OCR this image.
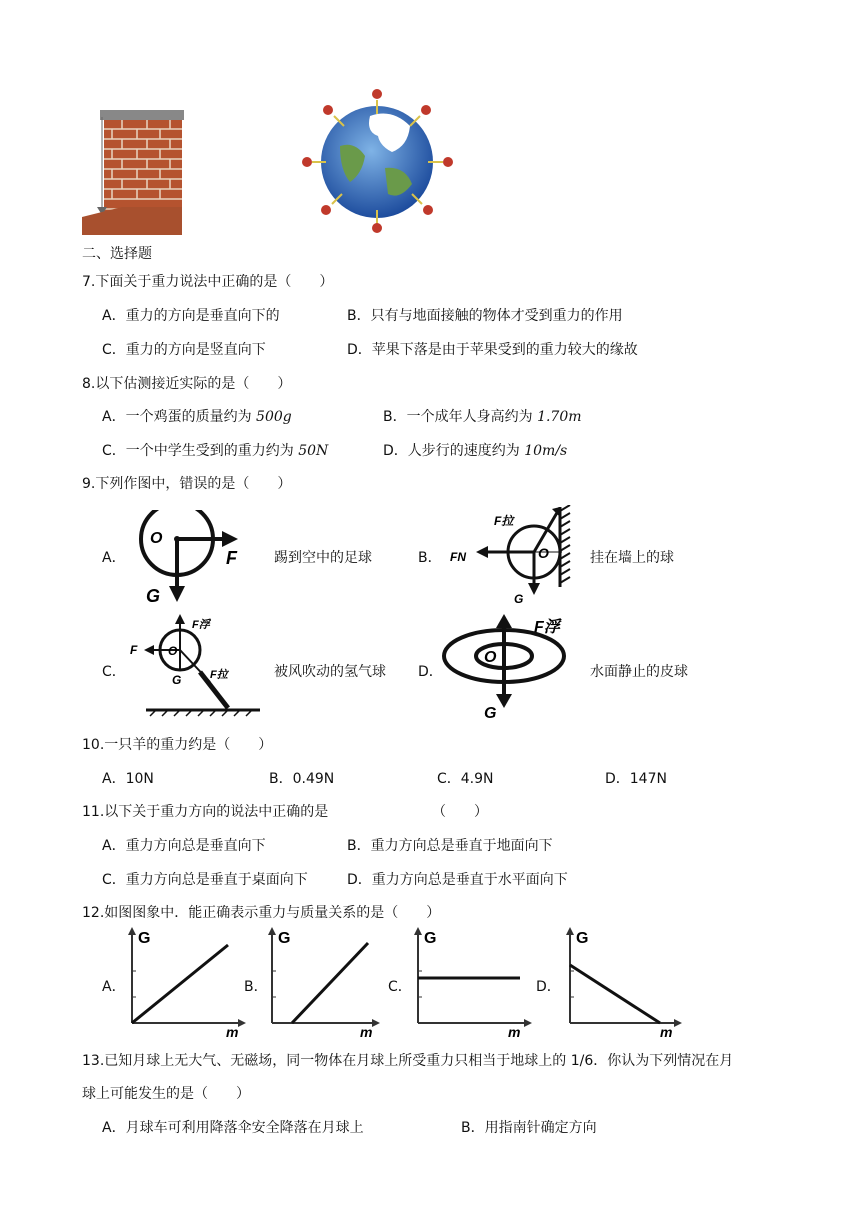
二、选择题
7.下面关于重力说法中正确的是（　　）
A．重力的方向是垂直向下的	B．只有与地面接触的物体才受到重力的作用
C．重力的方向是竖直向下	D．苹果下落是由于苹果受到的重力较大的缘故
8.以下估测接近实际的是（　　）
A．一个鸡蛋的质量约为 500g	B．一个成年人身高约为 1.70m
C．一个中学生受到的重力约为 50N	D．人步行的速度约为 10m/s
9.下列作图中，错误的是（　　）
A．
O
F
G
踢到空中的足球	B．
F拉
FN	O
G
挂在墙上的球
C．
F浮
F	O
G	F拉	被风吹动的氢气球 D．
F浮
O
G
水面静止的皮球
10.一只羊的重力约是（　　）
A．10N	B．0.49N	C．4.9N	D．147N
11.以下关于重力方向的说法中正确的是	（　　）
A．重力方向总是垂直向下	B．重力方向总是垂直于地面向下
C．重力方向总是垂直于桌面向下	D．重力方向总是垂直于水平面向下
12.如图图象中．能正确表示重力与质量关系的是（　　）
A．
G
m
B．
G
m
C．
G
m
D．
G
m
13.已知月球上无大气、无磁场，同一物体在月球上所受重力只相当于地球上的 1/6．你认为下列情况在月
球上可能发生的是（　　）
A．月球车可利用降落伞安全降落在月球上	B．用指南针确定方向
